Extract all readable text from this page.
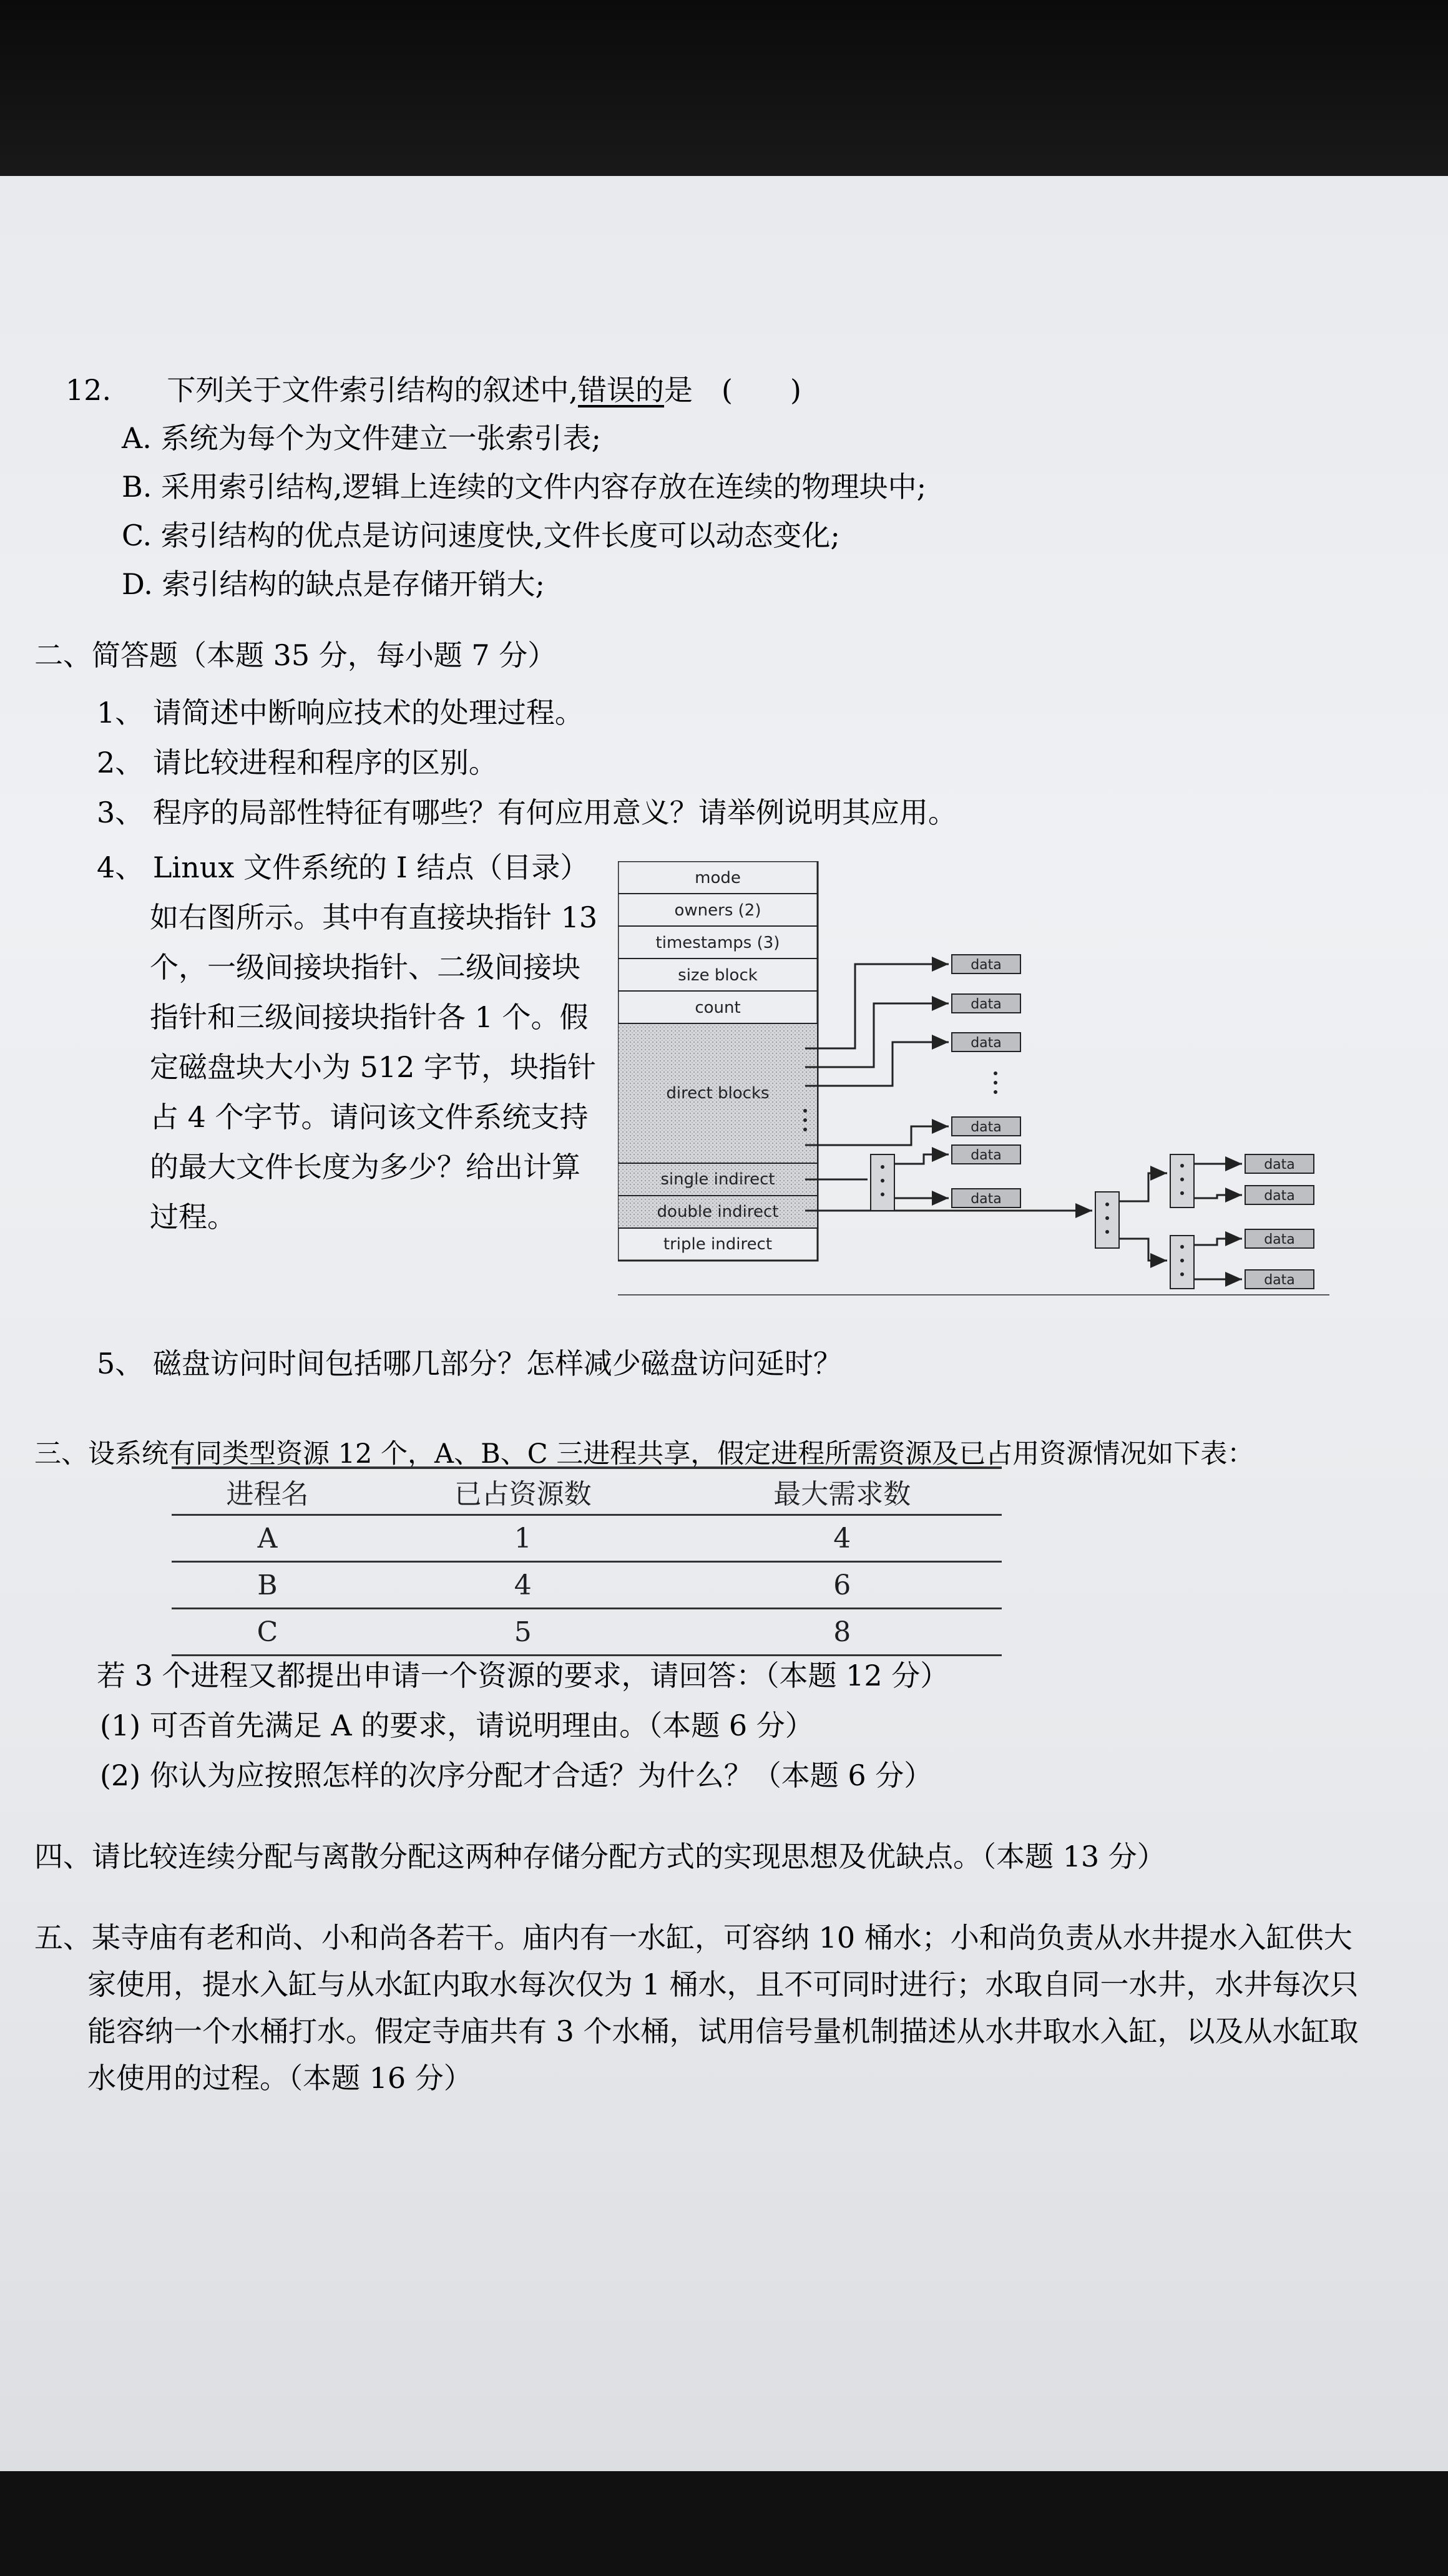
12. 下列关于文件索引结构的叙述中,错误的是　(　　)
A. 系统为每个为文件建立一张索引表;
B. 采用索引结构,逻辑上连续的文件内容存放在连续的物理块中;
C. 索引结构的优点是访问速度快,文件长度可以动态变化;
D. 索引结构的缺点是存储开销大;
二、简答题（本题 35 分，每小题 7 分）
1、 请简述中断响应技术的处理过程。
2、 请比较进程和程序的区别。
3、 程序的局部性特征有哪些？有何应用意义？请举例说明其应用。
4、 Linux 文件系统的 I 结点（目录）
如右图所示。其中有直接块指针 13
个，一级间接块指针、二级间接块
指针和三级间接块指针各 1 个。假
定磁盘块大小为 512 字节，块指针
占 4 个字节。请问该文件系统支持
的最大文件长度为多少？给出计算
过程。
mode
owners (2)
timestamps (3)
size block
count
direct blocks
single indirect
double indirect
triple indirect
data
data
data
data
data
data
data
data
data
data
5、 磁盘访问时间包括哪几部分？怎样减少磁盘访问延时？
三、设系统有同类型资源 12 个，A、B、C 三进程共享，假定进程所需资源及已占用资源情况如下表：
进程名	已占资源数	最大需求数
A	1	4
B	4	6
C	5	8
若 3 个进程又都提出申请一个资源的要求，请回答：（本题 12 分）
(1) 可否首先满足 A 的要求，请说明理由。（本题 6 分）
(2) 你认为应按照怎样的次序分配才合适？为什么？（本题 6 分）
四、请比较连续分配与离散分配这两种存储分配方式的实现思想及优缺点。（本题 13 分）
五、某寺庙有老和尚、小和尚各若干。庙内有一水缸，可容纳 10 桶水；小和尚负责从水井提水入缸供大
家使用，提水入缸与从水缸内取水每次仅为 1 桶水，且不可同时进行；水取自同一水井，水井每次只
能容纳一个水桶打水。假定寺庙共有 3 个水桶，试用信号量机制描述从水井取水入缸，以及从水缸取
水使用的过程。（本题 16 分）
